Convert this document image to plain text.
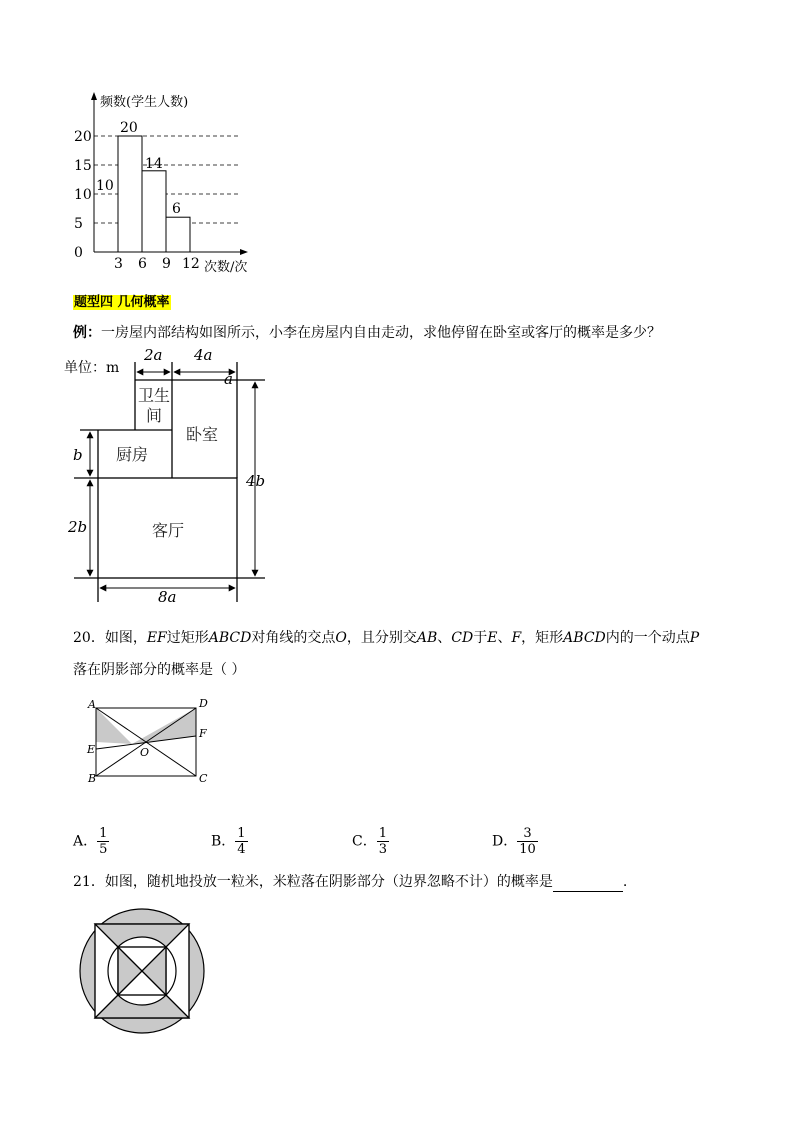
0
5
10
15
20
3 6 9 12
20
14
6
10
频数(学生人数)
次数/次
题型四 几何概率
例：一房屋内部结构如图所示，小李在房屋内自由走动，求他停留在卧室或客厅的概率是多少？
单位：m
2a 4a
a
b
2b
4b
8a
卫生
间
卧室
厨房
客厅
20．如图，EF过矩形ABCD对角线的交点O，且分别交AB、CD于E、F，矩形ABCD内的一个动点P
落在阴影部分的概率是（ ）
A	D
E
F
O
B	C
A． $\frac{1}{5}$	B． $\frac{1}{4}$	C． $\frac{1}{3}$	D． $\frac{3}{10}$
21．如图，随机地投放一粒米，米粒落在阴影部分（边界忽略不计）的概率是	.
